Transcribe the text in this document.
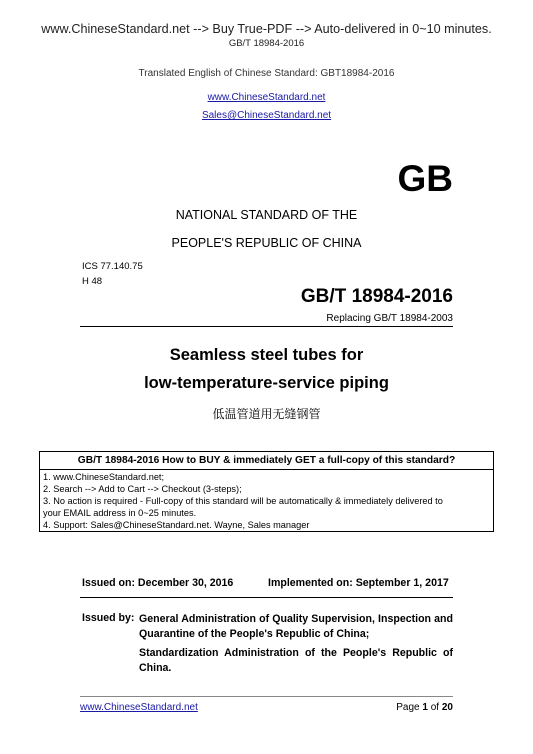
www.ChineseStandard.net --> Buy True-PDF --> Auto-delivered in 0~10 minutes.
GB/T 18984-2016
Translated English of Chinese Standard: GBT18984-2016
www.ChineseStandard.net
Sales@ChineseStandard.net
GB
NATIONAL STANDARD OF THE
PEOPLE'S REPUBLIC OF CHINA
ICS 77.140.75
H 48
GB/T 18984-2016
Replacing GB/T 18984-2003
Seamless steel tubes for
low-temperature-service piping
低温管道用无缝钢管
GB/T 18984-2016 How to BUY & immediately GET a full-copy of this standard?
1. www.ChineseStandard.net;
2. Search --> Add to Cart --> Checkout (3-steps);
3. No action is required - Full-copy of this standard will be automatically & immediately delivered to
your EMAIL address in 0~25 minutes.
4. Support: Sales@ChineseStandard.net. Wayne, Sales manager
Issued on: December 30, 2016	Implemented on: September 1, 2017
Issued by: General Administration of Quality Supervision, Inspection and Quarantine of the People's Republic of China;
Standardization Administration of the People's Republic of China.
www.ChineseStandard.net	Page 1 of 20
